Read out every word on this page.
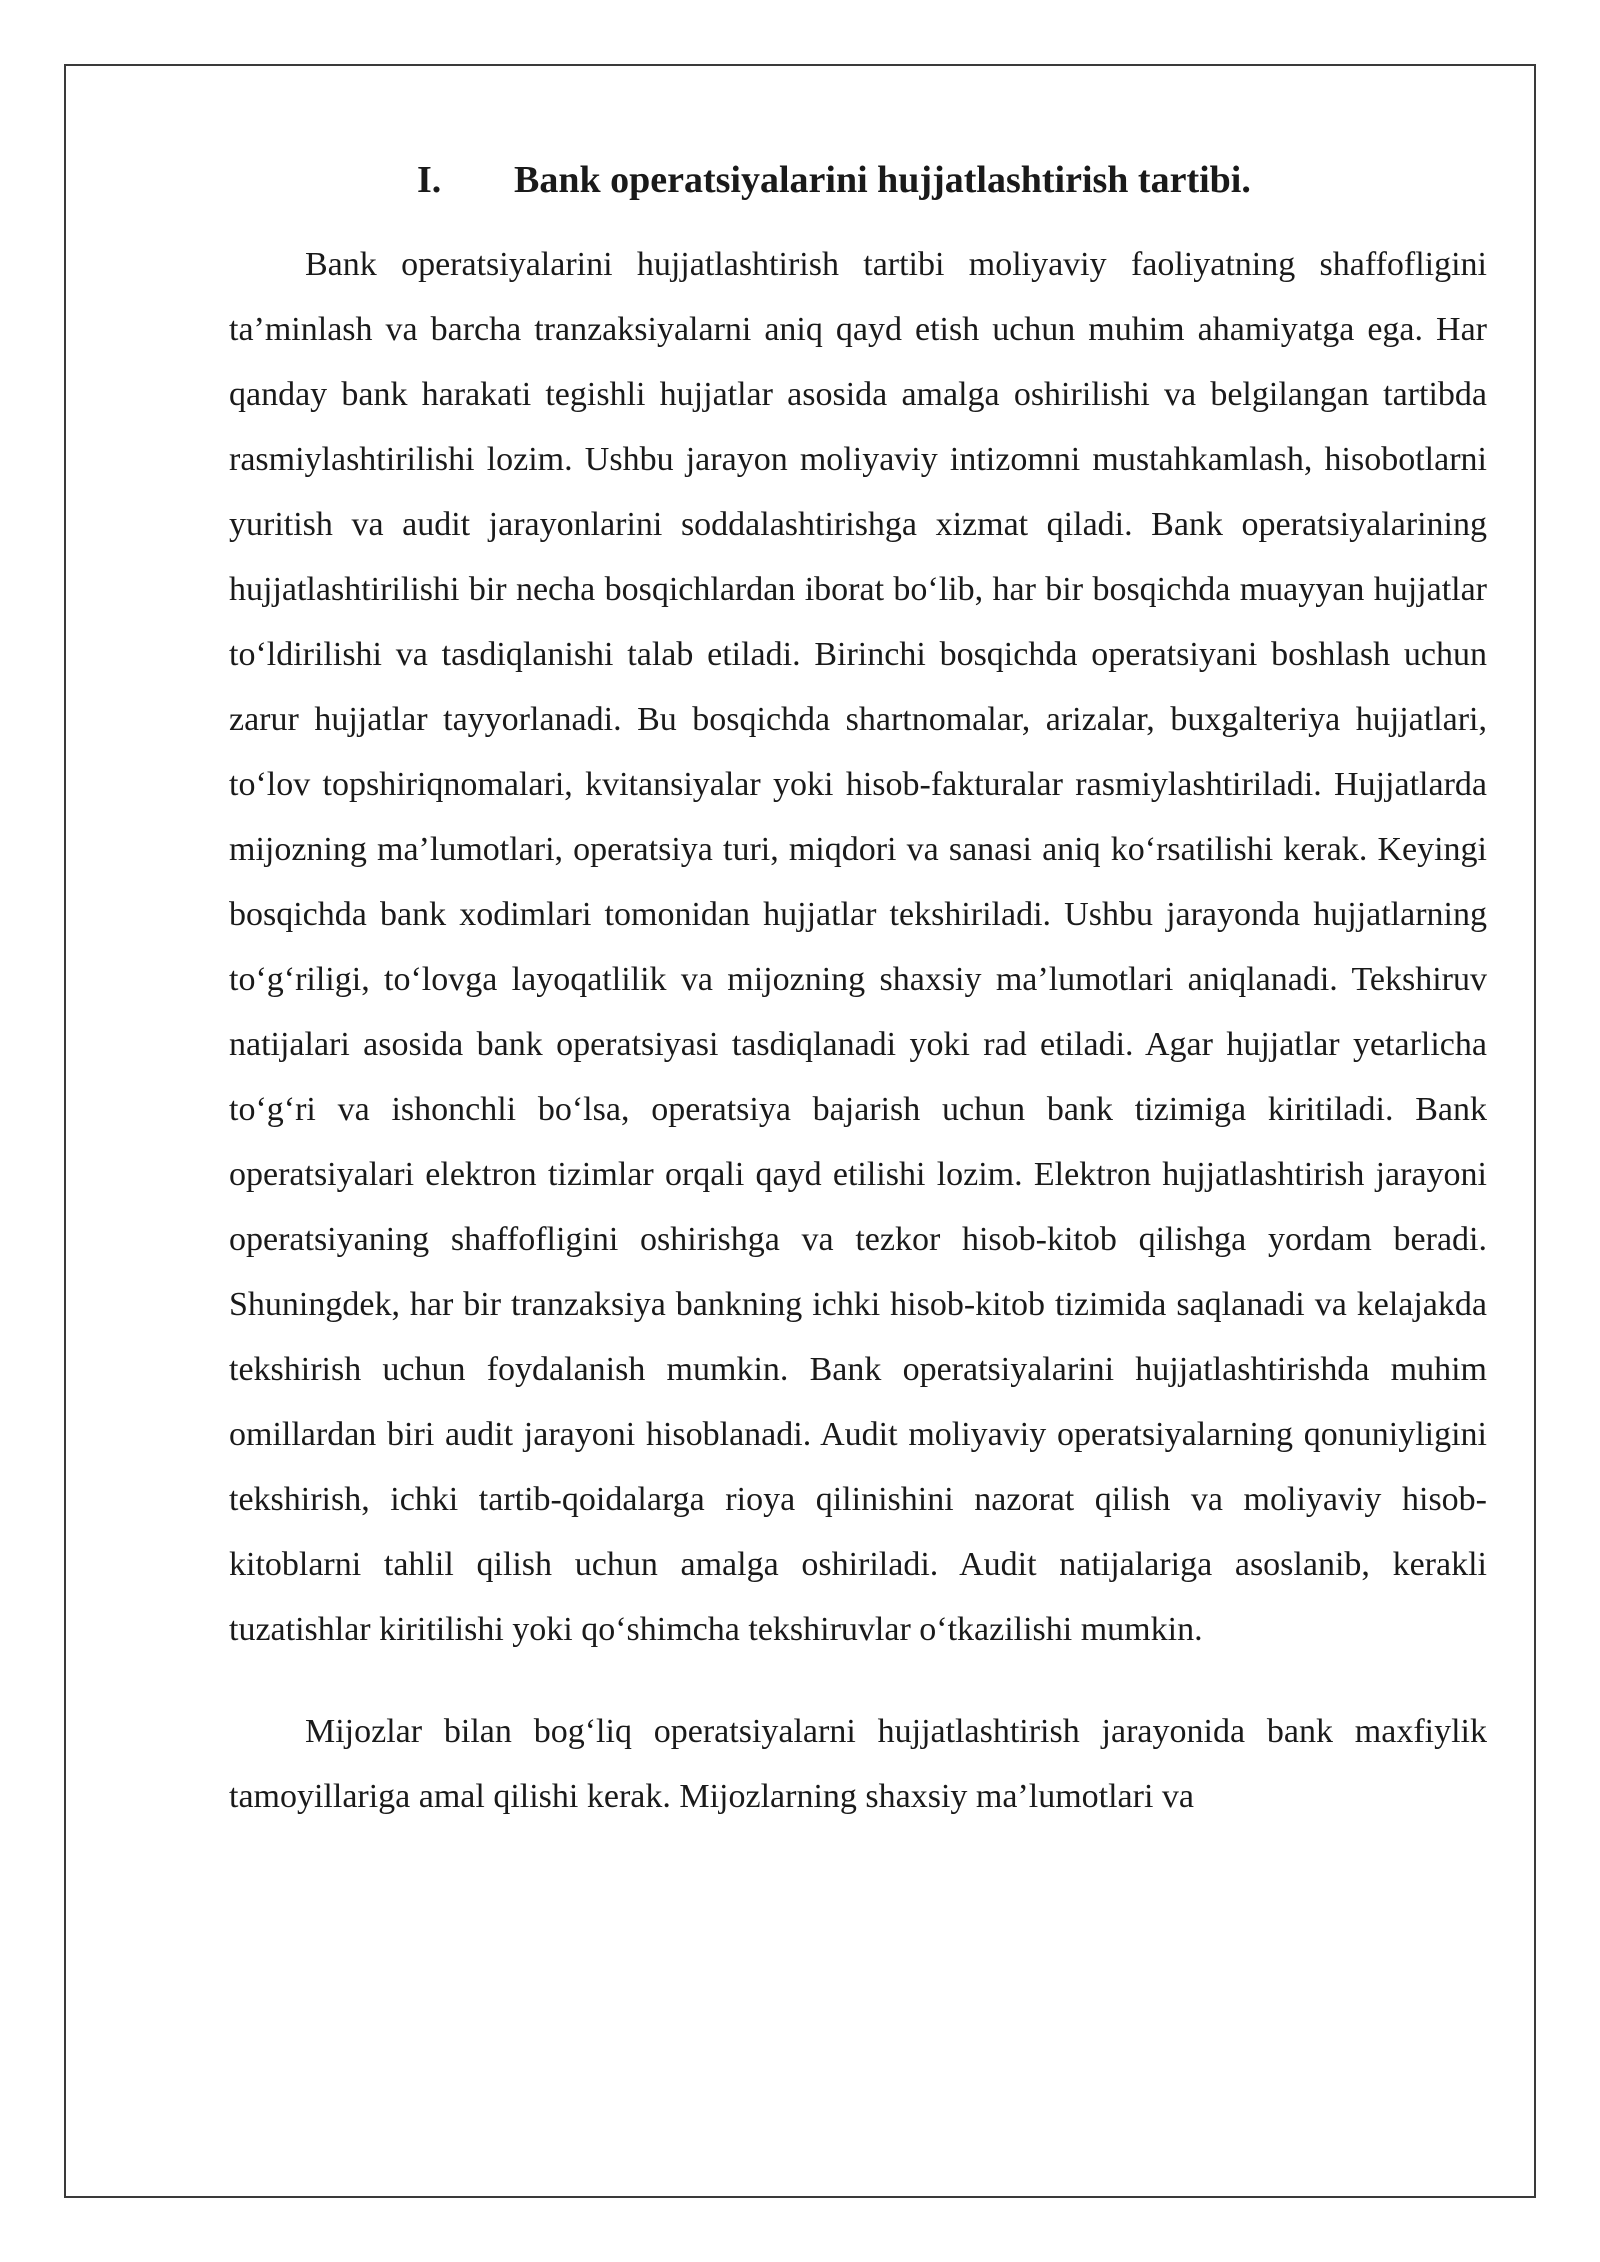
I. Bank operatsiyalarini hujjatlashtirish tartibi.

Bank operatsiyalarini hujjatlashtirish tartibi moliyaviy faoliyatning shaffofligini ta’minlash va barcha tranzaksiyalarni aniq qayd etish uchun muhim ahamiyatga ega. Har qanday bank harakati tegishli hujjatlar asosida amalga oshirilishi va belgilangan tartibda rasmiylashtirilishi lozim. Ushbu jarayon moliyaviy intizomni mustahkamlash, hisobotlarni yuritish va audit jarayonlarini soddalashtirishga xizmat qiladi. Bank operatsiyalarining hujjatlashtirilishi bir necha bosqichlardan iborat bo‘lib, har bir bosqichda muayyan hujjatlar to‘ldirilishi va tasdiqlanishi talab etiladi. Birinchi bosqichda operatsiyani boshlash uchun zarur hujjatlar tayyorlanadi. Bu bosqichda shartnomalar, arizalar, buxgalteriya hujjatlari, to‘lov topshiriqnomalari, kvitansiyalar yoki hisob-fakturalar rasmiylashtiriladi. Hujjatlarda mijozning ma’lumotlari, operatsiya turi, miqdori va sanasi aniq ko‘rsatilishi kerak. Keyingi bosqichda bank xodimlari tomonidan hujjatlar tekshiriladi. Ushbu jarayonda hujjatlarning to‘g‘riligi, to‘lovga layoqatlilik va mijozning shaxsiy ma’lumotlari aniqlanadi. Tekshiruv natijalari asosida bank operatsiyasi tasdiqlanadi yoki rad etiladi. Agar hujjatlar yetarlicha to‘g‘ri va ishonchli bo‘lsa, operatsiya bajarish uchun bank tizimiga kiritiladi. Bank operatsiyalari elektron tizimlar orqali qayd etilishi lozim. Elektron hujjatlashtirish jarayoni operatsiyaning shaffofligini oshirishga va tezkor hisob-kitob qilishga yordam beradi. Shuningdek, har bir tranzaksiya bankning ichki hisob-kitob tizimida saqlanadi va kelajakda tekshirish uchun foydalanish mumkin. Bank operatsiyalarini hujjatlashtirishda muhim omillardan biri audit jarayoni hisoblanadi. Audit moliyaviy operatsiyalarning qonuniyligini tekshirish, ichki tartib-qoidalarga rioya qilinishini nazorat qilish va moliyaviy hisob-kitoblarni tahlil qilish uchun amalga oshiriladi. Audit natijalariga asoslanib, kerakli tuzatishlar kiritilishi yoki qo‘shimcha tekshiruvlar o‘tkazilishi mumkin.

Mijozlar bilan bog‘liq operatsiyalarni hujjatlashtirish jarayonida bank maxfiylik tamoyillariga amal qilishi kerak. Mijozlarning shaxsiy ma’lumotlari va
